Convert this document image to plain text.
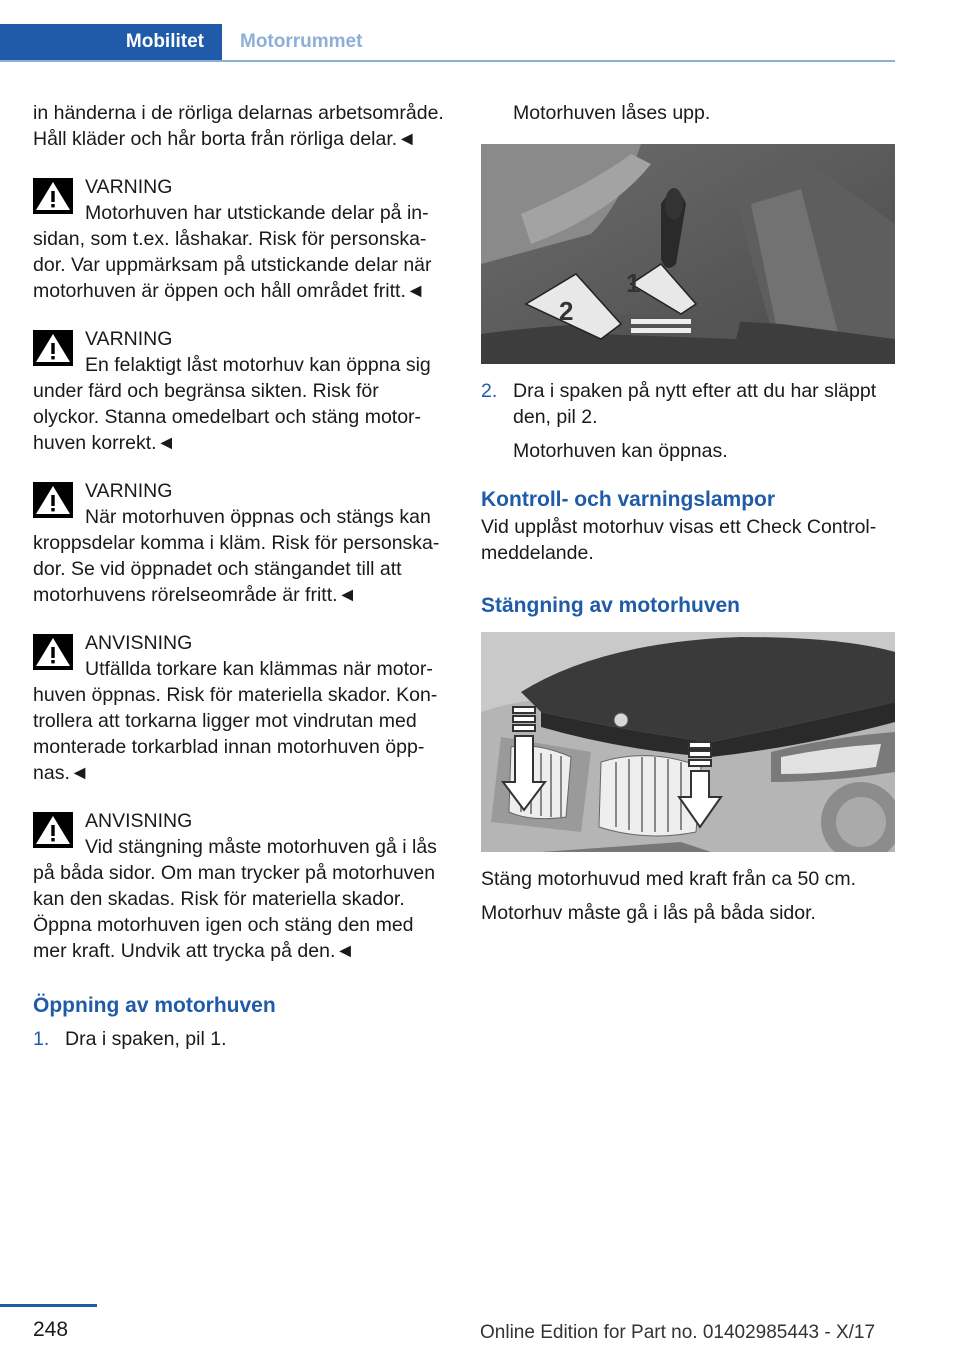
Mobilitet	Motorrummet

in händerna i de rörliga delarnas arbetsområde. Håll kläder och hår borta från rörliga delar.◄

VARNING
Motorhuven har utstickande delar på in-
sidan, som t.ex. låshakar. Risk för personska-dor. Var uppmärksam på utstickande delar när motorhuven är öppen och håll området fritt.◄
VARNING
En felaktigt låst motorhuv kan öppna sig
under färd och begränsa sikten. Risk för olyckor. Stanna omedelbart och stäng motor-huven korrekt.◄
VARNING
När motorhuven öppnas och stängs kan
kroppsdelar komma i kläm. Risk för personska-dor. Se vid öppnadet och stängandet till att motorhuvens rörelseområde är fritt.◄
ANVISNING
Utfällda torkare kan klämmas när motor-
huven öppnas. Risk för materiella skador. Kon-trollera att torkarna ligger mot vindrutan med monterade torkarblad innan motorhuven öpp-nas.◄
ANVISNING
Vid stängning måste motorhuven gå i lås
på båda sidor. Om man trycker på motorhuven kan den skadas. Risk för materiella skador. Öppna motorhuven igen och stäng den med mer kraft. Undvik att trycka på den.◄
Öppning av motorhuven
1. Dra i spaken, pil 1.

Motorhuven låses upp.

1
2
2. Dra i spaken på nytt efter att du har släppt den, pil 2.

Motorhuven kan öppnas.

Kontroll- och varningslampor

Vid upplåst motorhuv visas ett Check Control-meddelande.

Stängning av motorhuven

Stäng motorhuvud med kraft från ca 50 cm.

Motorhuv måste gå i lås på båda sidor.

248	Online Edition for Part no. 01402985443 - X/17
